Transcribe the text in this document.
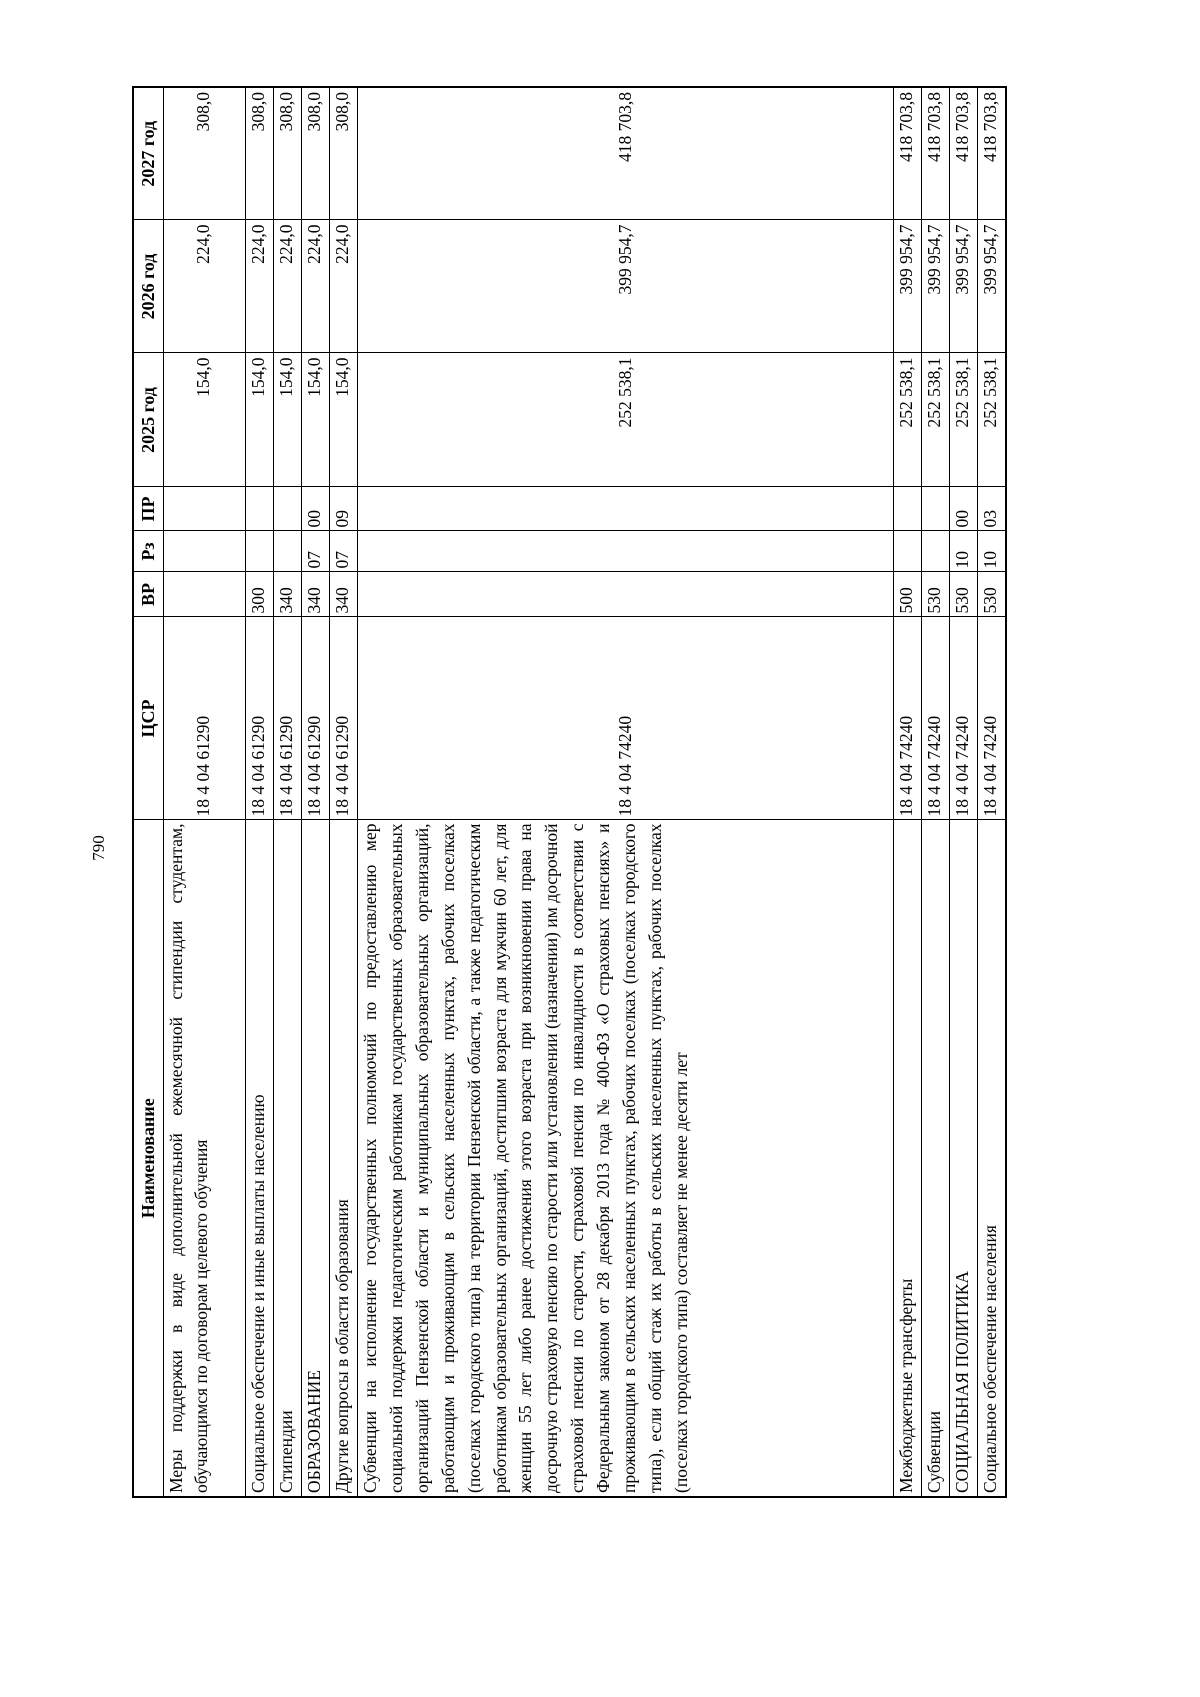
790
Наименование	ЦСР	ВР	Рз	ПР	2025 год	2026 год	2027 год
Меры поддержки в виде дополнительной ежемесячной стипендии студентам, обучающимся по договорам целевого обучения	18 4 04 61290				154,0	224,0	308,0
Социальное обеспечение и иные выплаты населению	18 4 04 61290	300			154,0	224,0	308,0
Стипендии	18 4 04 61290	340			154,0	224,0	308,0
ОБРАЗОВАНИЕ	18 4 04 61290	340	07	00	154,0	224,0	308,0
Другие вопросы в области образования	18 4 04 61290	340	07	09	154,0	224,0	308,0
Субвенции на исполнение государственных полномочий по предоставлению мер социальной поддержки педагогическим работникам государственных образовательных организаций Пензенской области и муниципальных образовательных организаций, работающим и проживающим в сельских населенных пунктах, рабочих поселках (поселках городского типа) на территории Пензенской области, а также педагогическим работникам образовательных организаций, достигшим возраста для мужчин 60 лет, для женщин 55 лет либо ранее достижения этого возраста при возникновении права на досрочную страховую пенсию по старости или установлении (назначении) им досрочной страховой пенсии по старости, страховой пенсии по инвалидности в соответствии с Федеральным законом от 28 декабря 2013 года № 400-ФЗ «О страховых пенсиях» и проживающим в сельских населенных пунктах, рабочих поселках (поселках городского типа), если общий стаж их работы в сельских населенных пунктах, рабочих поселках (поселках городского типа) составляет не менее десяти лет	18 4 04 74240				252 538,1	399 954,7	418 703,8
Межбюджетные трансферты	18 4 04 74240	500			252 538,1	399 954,7	418 703,8
Субвенции	18 4 04 74240	530			252 538,1	399 954,7	418 703,8
СОЦИАЛЬНАЯ ПОЛИТИКА	18 4 04 74240	530	10	00	252 538,1	399 954,7	418 703,8
Социальное обеспечение населения	18 4 04 74240	530	10	03	252 538,1	399 954,7	418 703,8
